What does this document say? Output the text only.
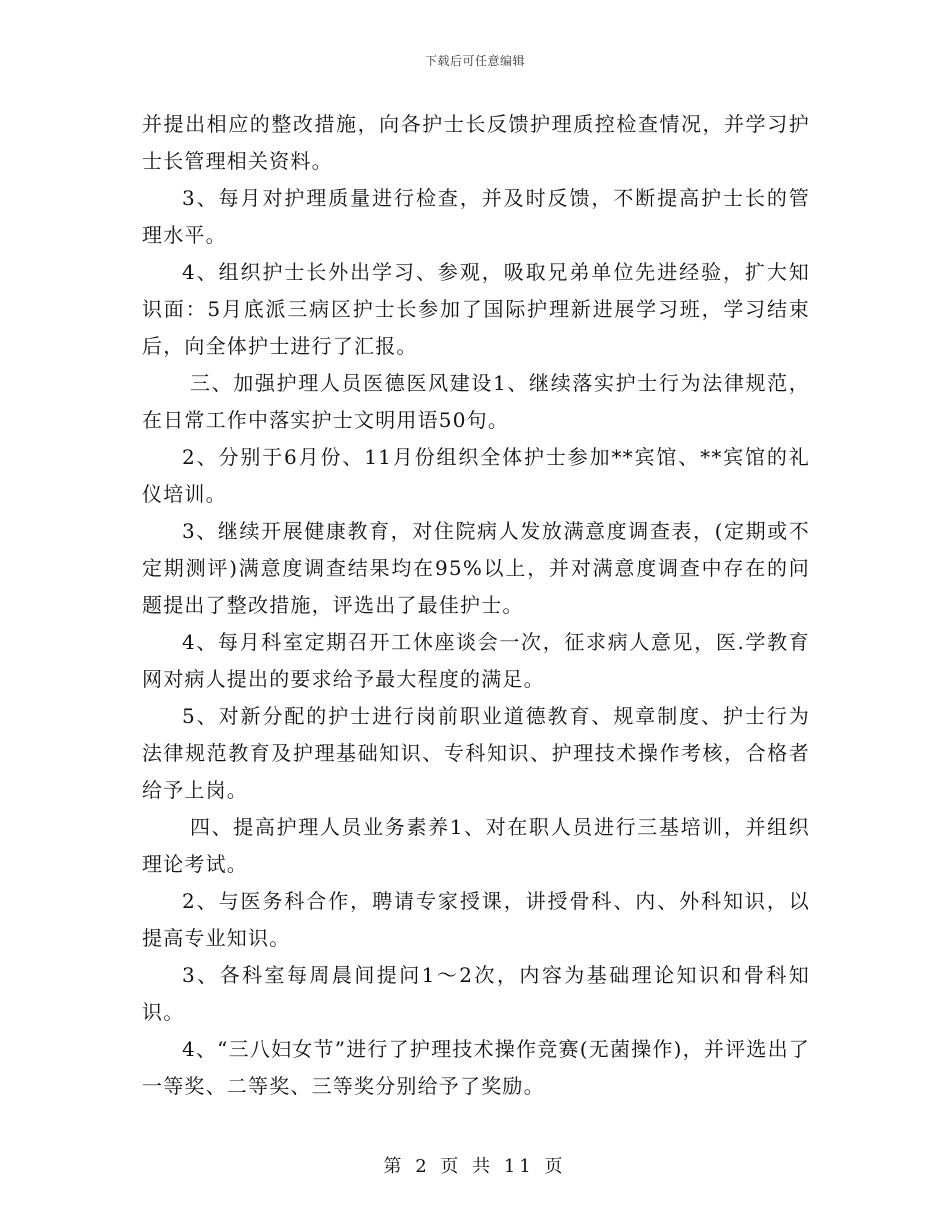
下载后可任意编辑

并提出相应的整改措施，向各护士长反馈护理质控检查情况，并学习护士长管理相关资料。

3、每月对护理质量进行检查，并及时反馈，不断提高护士长的管理水平。

4、组织护士长外出学习、参观，吸取兄弟单位先进经验，扩大知识面：5月底派三病区护士长参加了国际护理新进展学习班，学习结束后，向全体护士进行了汇报。

三、加强护理人员医德医风建设1、继续落实护士行为法律规范，在日常工作中落实护士文明用语50句。

2、分别于6月份、11月份组织全体护士参加**宾馆、**宾馆的礼仪培训。

3、继续开展健康教育，对住院病人发放满意度调查表，(定期或不定期测评)满意度调查结果均在95%以上，并对满意度调查中存在的问题提出了整改措施，评选出了最佳护士。

4、每月科室定期召开工休座谈会一次，征求病人意见，医.学教育网对病人提出的要求给予最大程度的满足。

5、对新分配的护士进行岗前职业道德教育、规章制度、护士行为法律规范教育及护理基础知识、专科知识、护理技术操作考核，合格者给予上岗。

四、提高护理人员业务素养1、对在职人员进行三基培训，并组织理论考试。

2、与医务科合作，聘请专家授课，讲授骨科、内、外科知识，以提高专业知识。

3、各科室每周晨间提问1～2次，内容为基础理论知识和骨科知识。

4、“三八妇女节”进行了护理技术操作竞赛(无菌操作)，并评选出了一等奖、二等奖、三等奖分别给予了奖励。

第 2 页 共 11 页
